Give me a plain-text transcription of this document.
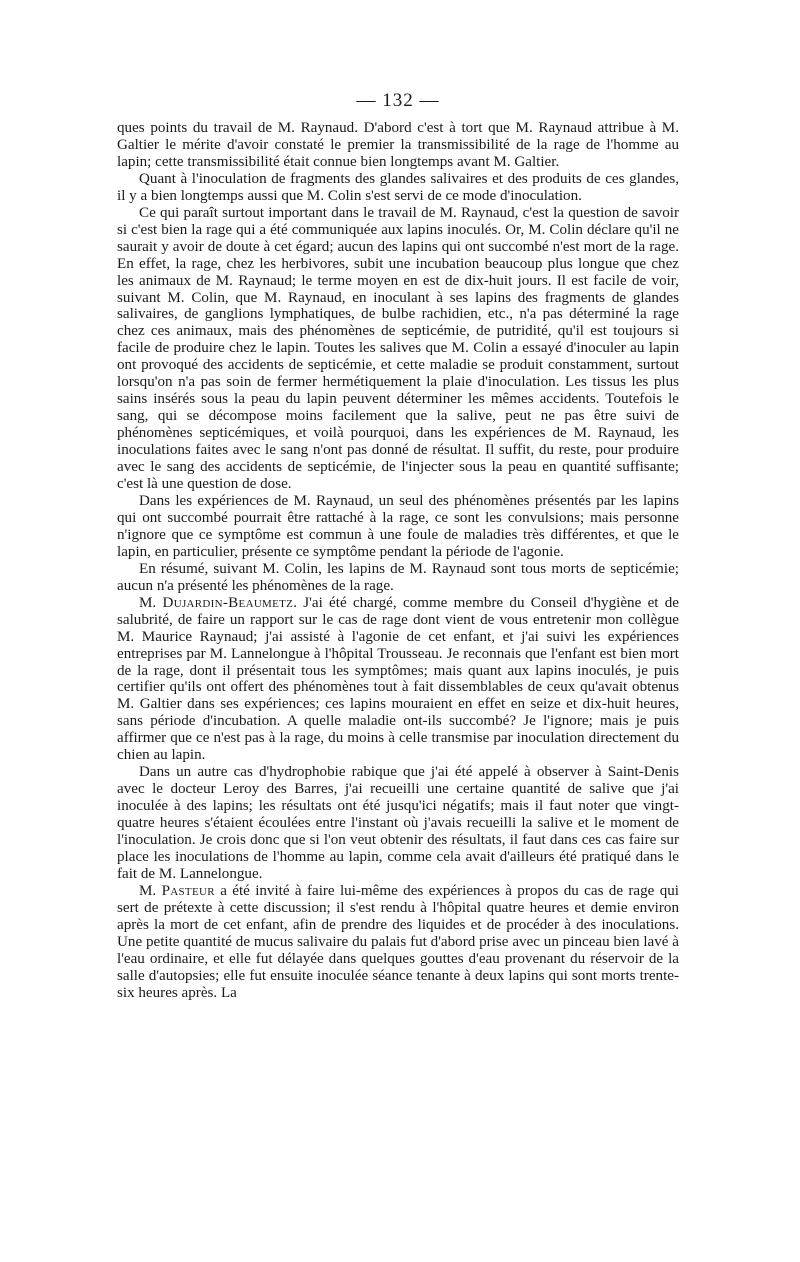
— 132 —

ques points du travail de M. Raynaud. D'abord c'est à tort que M. Raynaud attribue à M. Galtier le mérite d'avoir constaté le premier la transmissibilité de la rage de l'homme au lapin; cette transmissibilité était connue bien longtemps avant M. Galtier.

Quant à l'inoculation de fragments des glandes salivaires et des produits de ces glandes, il y a bien longtemps aussi que M. Colin s'est servi de ce mode d'inoculation.

Ce qui paraît surtout important dans le travail de M. Raynaud, c'est la question de savoir si c'est bien la rage qui a été communiquée aux lapins inoculés. Or, M. Colin déclare qu'il ne saurait y avoir de doute à cet égard; aucun des lapins qui ont succombé n'est mort de la rage. En effet, la rage, chez les herbivores, subit une incubation beaucoup plus longue que chez les animaux de M. Raynaud; le terme moyen en est de dix-huit jours. Il est facile de voir, suivant M. Colin, que M. Raynaud, en inoculant à ses lapins des fragments de glandes salivaires, de ganglions lymphatiques, de bulbe rachidien, etc., n'a pas déterminé la rage chez ces animaux, mais des phénomènes de septicémie, de putridité, qu'il est toujours si facile de produire chez le lapin. Toutes les salives que M. Colin a essayé d'inoculer au lapin ont provoqué des accidents de septicémie, et cette maladie se produit constamment, surtout lorsqu'on n'a pas soin de fermer hermétiquement la plaie d'inoculation. Les tissus les plus sains insérés sous la peau du lapin peuvent déterminer les mêmes accidents. Toutefois le sang, qui se décompose moins facilement que la salive, peut ne pas être suivi de phénomènes septicémiques, et voilà pourquoi, dans les expériences de M. Raynaud, les inoculations faites avec le sang n'ont pas donné de résultat. Il suffit, du reste, pour produire avec le sang des accidents de septicémie, de l'injecter sous la peau en quantité suffisante; c'est là une question de dose.

Dans les expériences de M. Raynaud, un seul des phénomènes présentés par les lapins qui ont succombé pourrait être rattaché à la rage, ce sont les convulsions; mais personne n'ignore que ce symptôme est commun à une foule de maladies très différentes, et que le lapin, en particulier, présente ce symptôme pendant la période de l'agonie.

En résumé, suivant M. Colin, les lapins de M. Raynaud sont tous morts de septicémie; aucun n'a présenté les phénomènes de la rage.

M. Dujardin-Beaumetz. J'ai été chargé, comme membre du Conseil d'hygiène et de salubrité, de faire un rapport sur le cas de rage dont vient de vous entretenir mon collègue M. Maurice Raynaud; j'ai assisté à l'agonie de cet enfant, et j'ai suivi les expériences entreprises par M. Lannelongue à l'hôpital Trousseau. Je reconnais que l'enfant est bien mort de la rage, dont il présentait tous les symptômes; mais quant aux lapins inoculés, je puis certifier qu'ils ont offert des phénomènes tout à fait dissemblables de ceux qu'avait obtenus M. Galtier dans ses expériences; ces lapins mouraient en effet en seize et dix-huit heures, sans période d'incubation. A quelle maladie ont-ils succombé? Je l'ignore; mais je puis affirmer que ce n'est pas à la rage, du moins à celle transmise par inoculation directement du chien au lapin.

Dans un autre cas d'hydrophobie rabique que j'ai été appelé à observer à Saint-Denis avec le docteur Leroy des Barres, j'ai recueilli une certaine quantité de salive que j'ai inoculée à des lapins; les résultats ont été jusqu'ici négatifs; mais il faut noter que vingt-quatre heures s'étaient écoulées entre l'instant où j'avais recueilli la salive et le moment de l'inoculation. Je crois donc que si l'on veut obtenir des résultats, il faut dans ces cas faire sur place les inoculations de l'homme au lapin, comme cela avait d'ailleurs été pratiqué dans le fait de M. Lannelongue.

M. Pasteur a été invité à faire lui-même des expériences à propos du cas de rage qui sert de prétexte à cette discussion; il s'est rendu à l'hôpital quatre heures et demie environ après la mort de cet enfant, afin de prendre des liquides et de procéder à des inoculations. Une petite quantité de mucus salivaire du palais fut d'abord prise avec un pinceau bien lavé à l'eau ordinaire, et elle fut délayée dans quelques gouttes d'eau provenant du réservoir de la salle d'autopsies; elle fut ensuite inoculée séance tenante à deux lapins qui sont morts trente-six heures après. La
